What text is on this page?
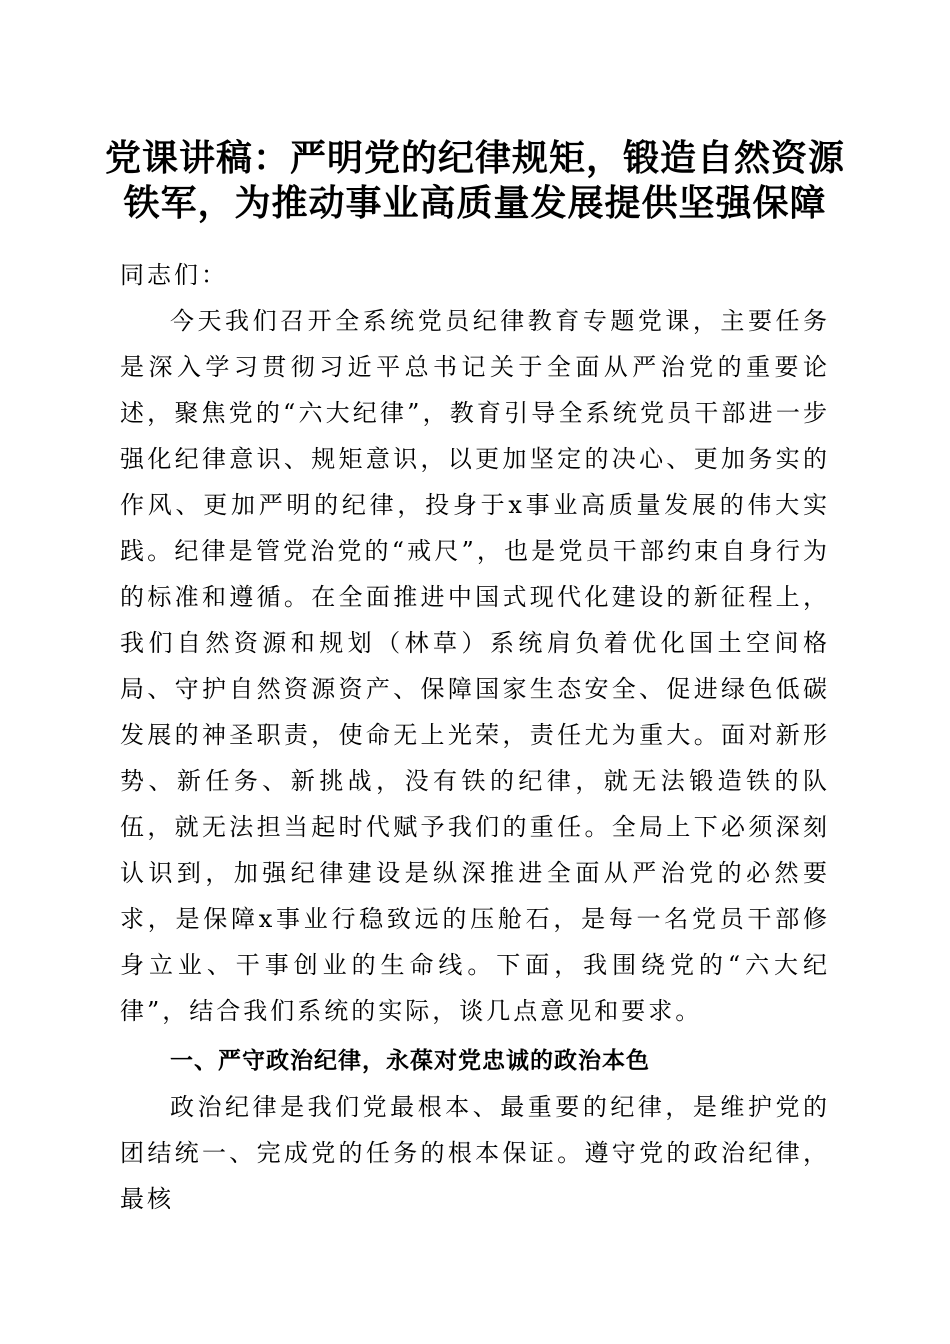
党课讲稿：严明党的纪律规矩，锻造自然资源
铁军，为推动事业高质量发展提供坚强保障

同志们：

今天我们召开全系统党员纪律教育专题党课，主要任务是深入学习贯彻习近平总书记关于全面从严治党的重要论述，聚焦党的“六大纪律”，教育引导全系统党员干部进一步强化纪律意识、规矩意识，以更加坚定的决心、更加务实的作风、更加严明的纪律，投身于x事业高质量发展的伟大实践。纪律是管党治党的“戒尺”，也是党员干部约束自身行为的标准和遵循。在全面推进中国式现代化建设的新征程上，我们自然资源和规划（林草）系统肩负着优化国土空间格局、守护自然资源资产、保障国家生态安全、促进绿色低碳发展的神圣职责，使命无上光荣，责任尤为重大。面对新形势、新任务、新挑战，没有铁的纪律，就无法锻造铁的队伍，就无法担当起时代赋予我们的重任。全局上下必须深刻认识到，加强纪律建设是纵深推进全面从严治党的必然要求，是保障x事业行稳致远的压舱石，是每一名党员干部修身立业、干事创业的生命线。下面，我围绕党的“六大纪律”，结合我们系统的实际，谈几点意见和要求。

一、严守政治纪律，永葆对党忠诚的政治本色

政治纪律是我们党最根本、最重要的纪律，是维护党的团结统一、完成党的任务的根本保证。遵守党的政治纪律，最核
